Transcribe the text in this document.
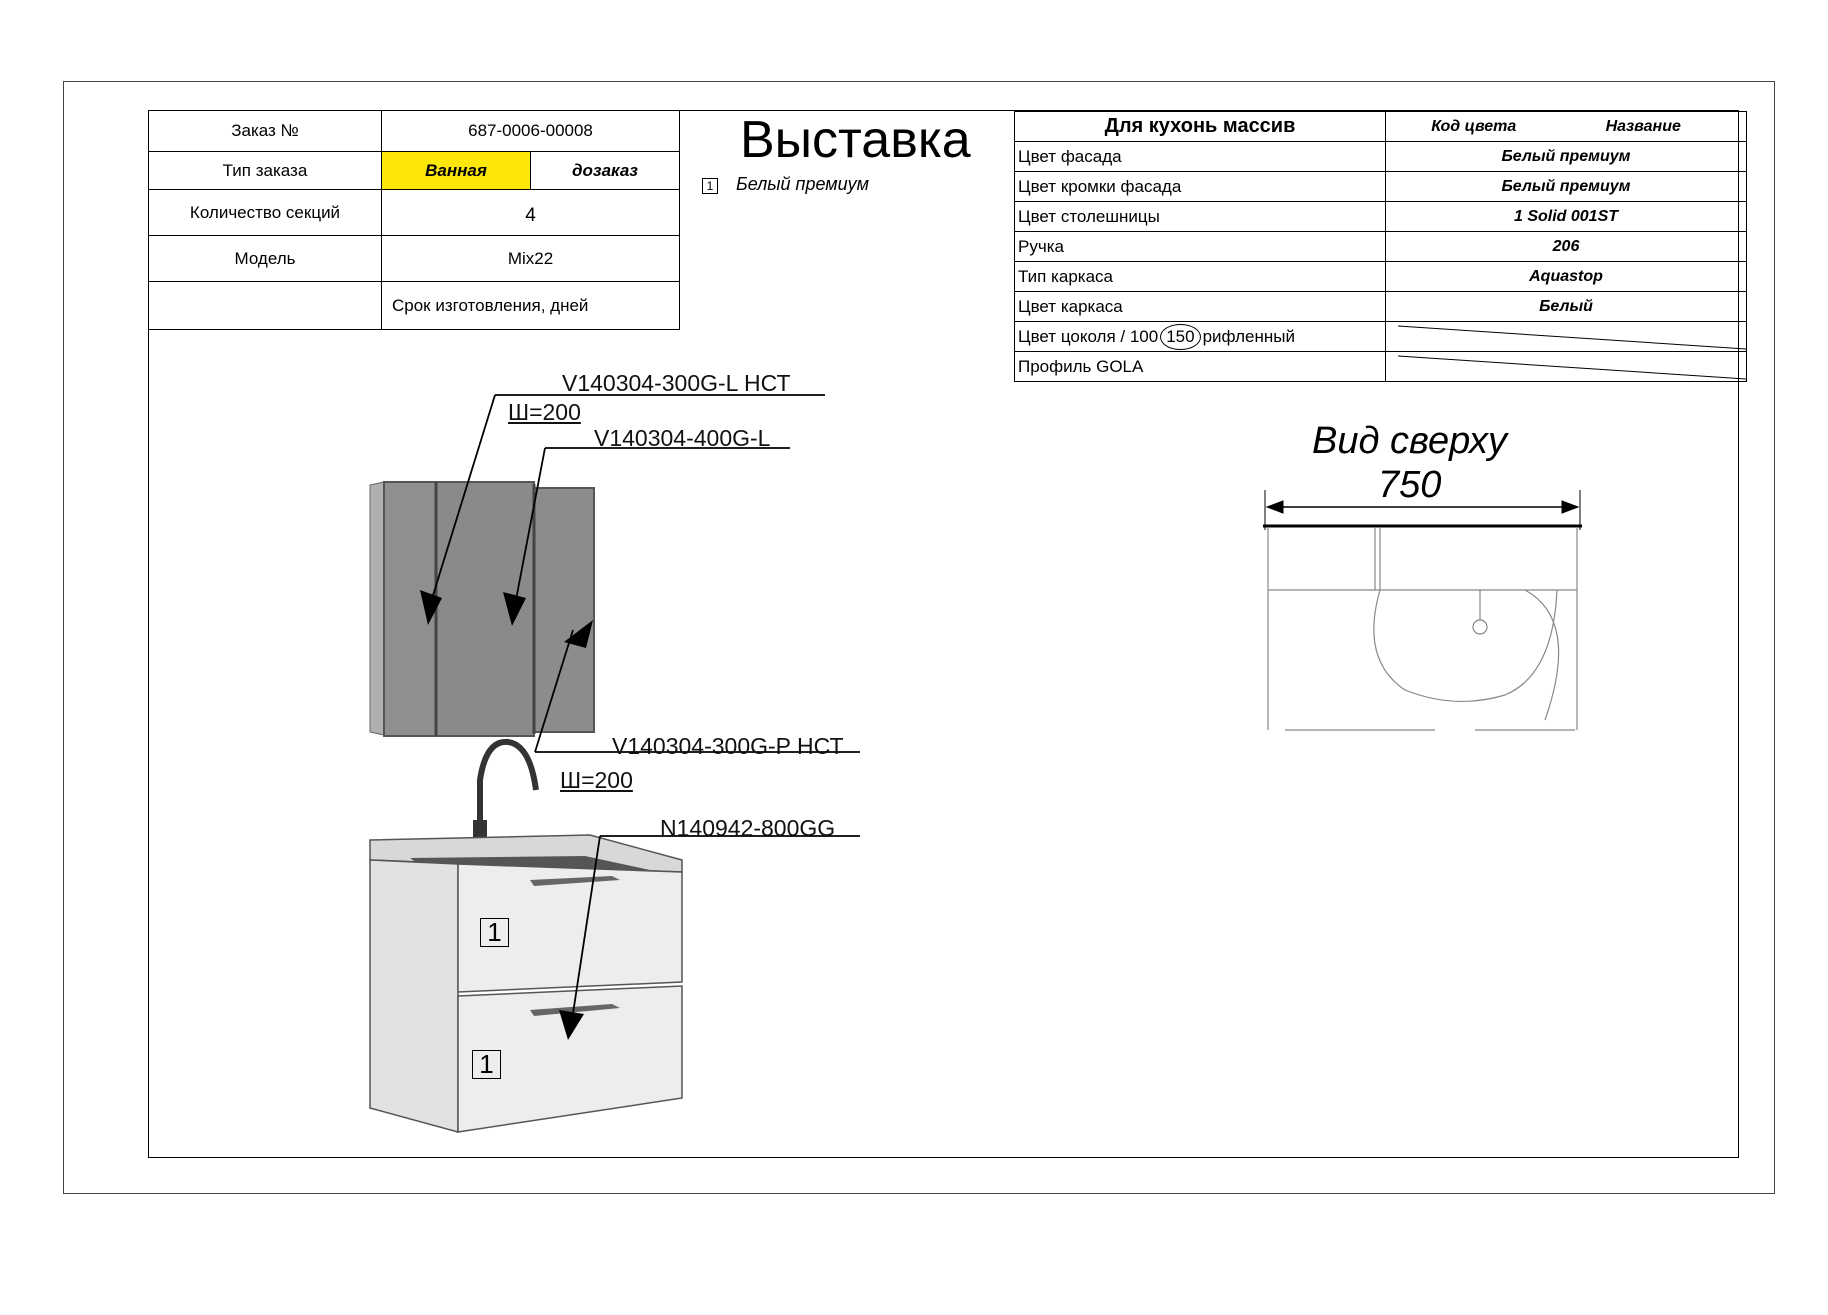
Заказ №	687-0006-00008	
Тип заказа	Ванная	дозаказ
Количество секций	4	
Модель	Mix22	
	Срок изготовления, дней	
Выставка
1 Белый премиум
Для кухонь массив	Код цвета Название
Цвет фасада	Белый премиум
Цвет кромки фасада	Белый премиум
Цвет столешницы	1 Solid 001ST
Ручка	206
Тип каркаса	Aquastop
Цвет каркаса	Белый
Цвет цоколя / 100 150 рифленный	

Профиль GOLA	
V140304-300G-L НСТ
Ш=200
V140304-400G-L
V140304-300G-P НСТ
Ш=200
N140942-800GG
1
1
Вид сверху
750
